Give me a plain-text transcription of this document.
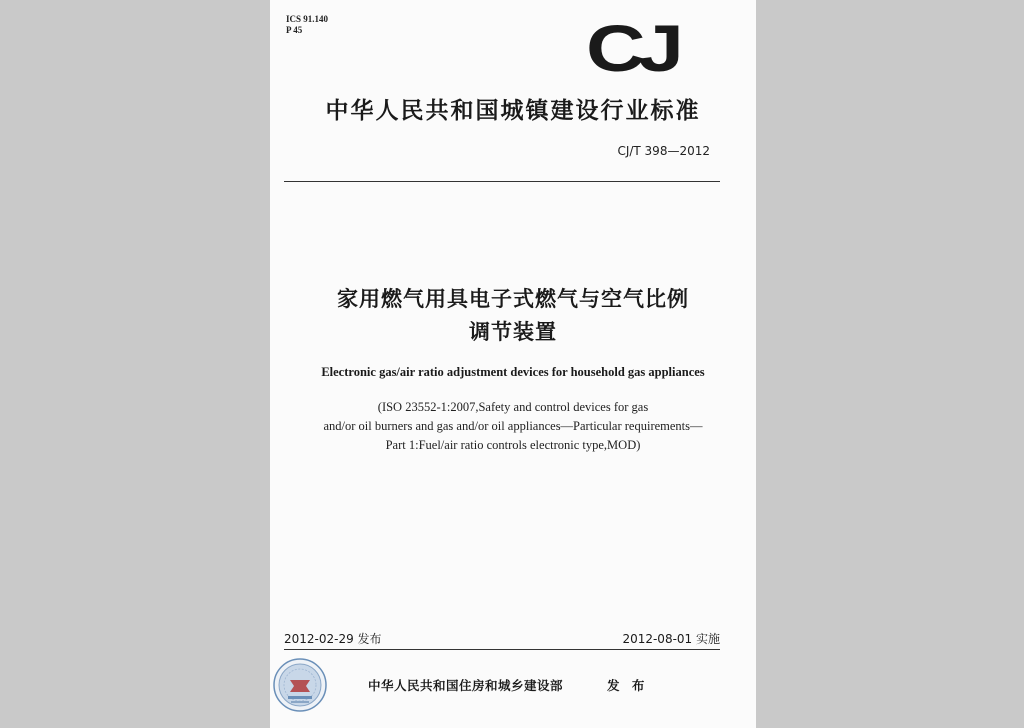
ICS 91.140
P 45	CJ
中华人民共和国城镇建设行业标准
CJ/T 398—2012
家用燃气用具电子式燃气与空气比例
调节装置
Electronic gas/air ratio adjustment devices for household gas appliances
(ISO 23552-1:2007,Safety and control devices for gas
and/or oil burners and gas and/or oil appliances—Particular requirements—
Part 1:Fuel/air ratio controls electronic type,MOD)
2012-02-29 发布	2012-08-01 实施
中华人民共和国住房和城乡建设部	发 布
